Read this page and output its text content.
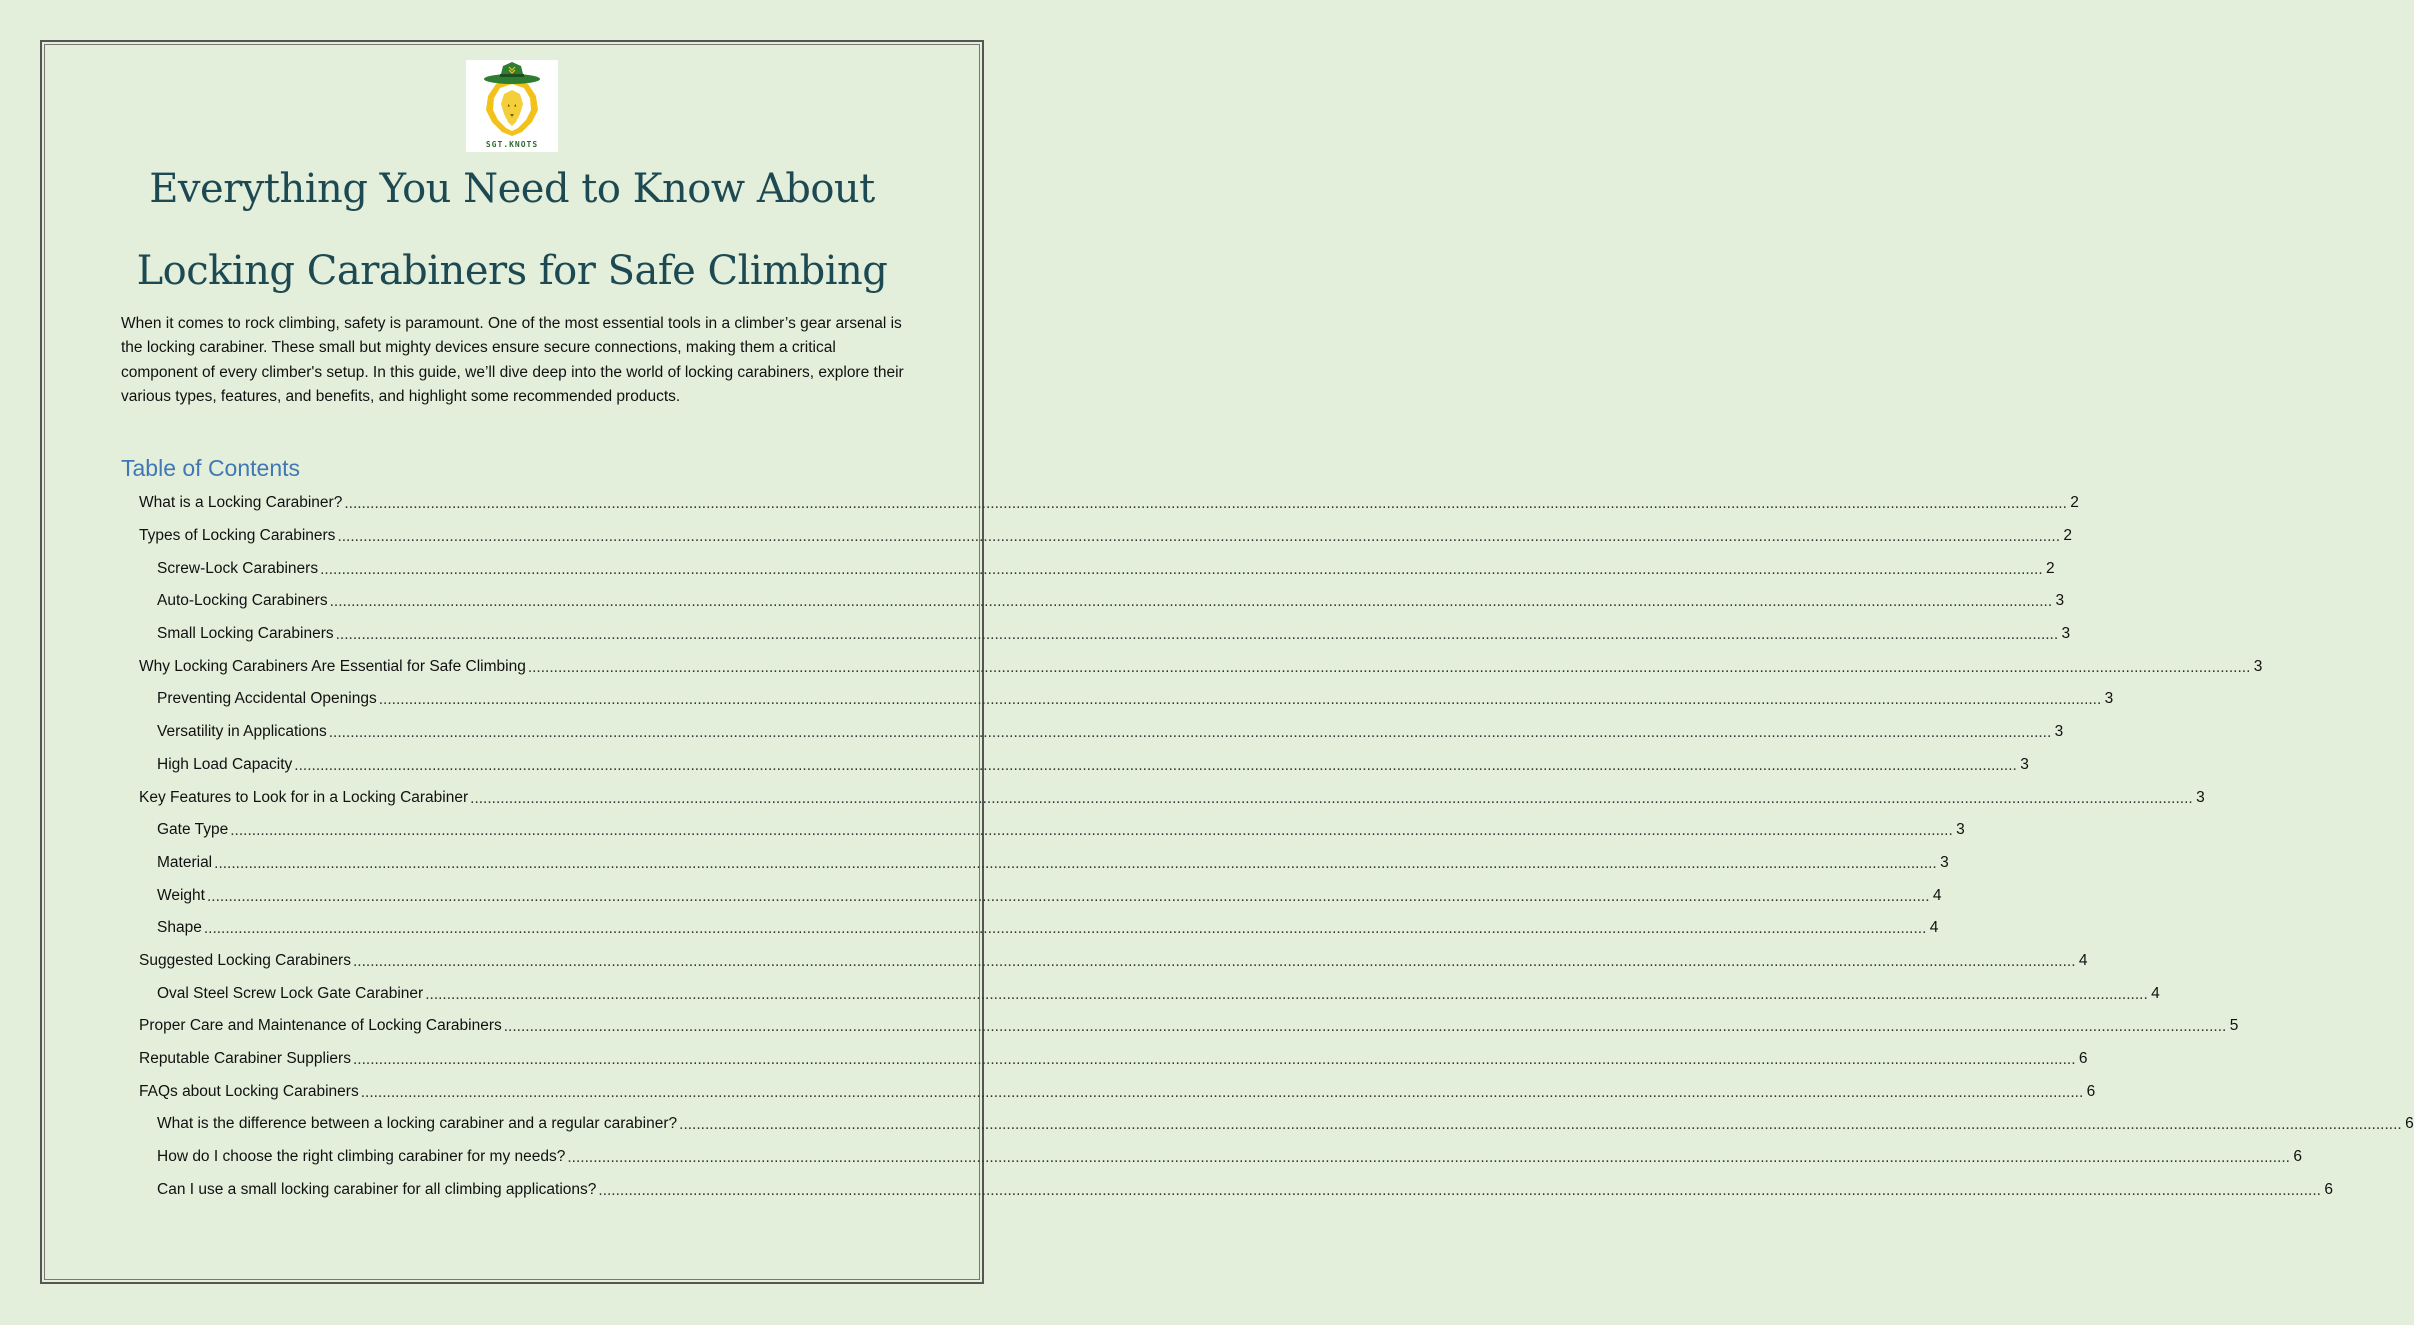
SGT.KNOTS
Everything You Need to Know About
Locking Carabiners for Safe Climbing
When it comes to rock climbing, safety is paramount. One of the most essential tools in a climber’s gear arsenal is the locking carabiner. These small but mighty devices ensure secure connections, making them a critical component of every climber's setup. In this guide, we’ll dive deep into the world of locking carabiners, explore their various types, features, and benefits, and highlight some recommended products.
Table of Contents
What is a Locking Carabiner? ................................................................................................................................................................................................................................................................................................................................................................................................................ 2
Types of Locking Carabiners ................................................................................................................................................................................................................................................................................................................................................................................................................ 2
Screw-Lock Carabiners ................................................................................................................................................................................................................................................................................................................................................................................................................ 2
Auto-Locking Carabiners ................................................................................................................................................................................................................................................................................................................................................................................................................ 3
Small Locking Carabiners ................................................................................................................................................................................................................................................................................................................................................................................................................ 3
Why Locking Carabiners Are Essential for Safe Climbing ................................................................................................................................................................................................................................................................................................................................................................................................................ 3
Preventing Accidental Openings ................................................................................................................................................................................................................................................................................................................................................................................................................ 3
Versatility in Applications ................................................................................................................................................................................................................................................................................................................................................................................................................ 3
High Load Capacity ................................................................................................................................................................................................................................................................................................................................................................................................................ 3
Key Features to Look for in a Locking Carabiner ................................................................................................................................................................................................................................................................................................................................................................................................................ 3
Gate Type ................................................................................................................................................................................................................................................................................................................................................................................................................ 3
Material ................................................................................................................................................................................................................................................................................................................................................................................................................ 3
Weight ................................................................................................................................................................................................................................................................................................................................................................................................................ 4
Shape ................................................................................................................................................................................................................................................................................................................................................................................................................ 4
Suggested Locking Carabiners ................................................................................................................................................................................................................................................................................................................................................................................................................ 4
Oval Steel Screw Lock Gate Carabiner ................................................................................................................................................................................................................................................................................................................................................................................................................ 4
Proper Care and Maintenance of Locking Carabiners ................................................................................................................................................................................................................................................................................................................................................................................................................ 5
Reputable Carabiner Suppliers ................................................................................................................................................................................................................................................................................................................................................................................................................ 6
FAQs about Locking Carabiners ................................................................................................................................................................................................................................................................................................................................................................................................................ 6
What is the difference between a locking carabiner and a regular carabiner? ................................................................................................................................................................................................................................................................................................................................................................................................................ 6
How do I choose the right climbing carabiner for my needs? ................................................................................................................................................................................................................................................................................................................................................................................................................ 6
Can I use a small locking carabiner for all climbing applications? ................................................................................................................................................................................................................................................................................................................................................................................................................ 6
